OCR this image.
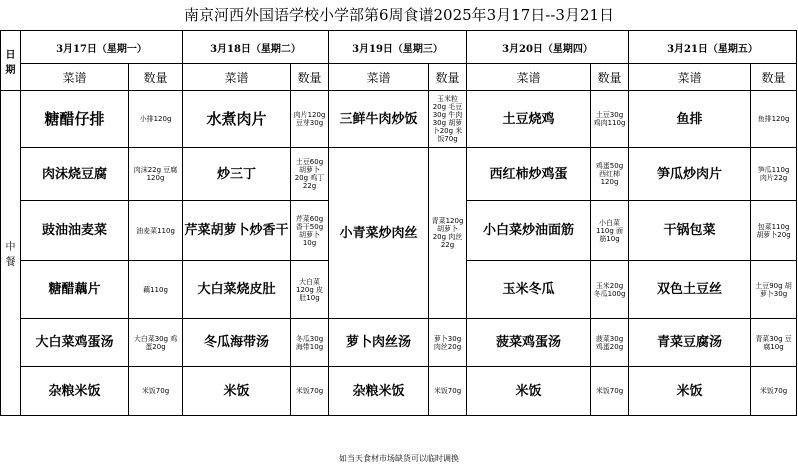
南京河西外国语学校小学部第6周食谱2025年3月17日--3月21日
日期	3月17日（星期一）		3月18日（星期二）		3月19日（星期三）		3月20日（星期四）		3月21日（星期五）	
	菜谱	数量	菜谱	数量	菜谱	数量	菜谱	数量	菜谱	数量
中餐	糖醋仔排	小排120g	水煮肉片	肉片120g 豆芽30g	三鲜牛肉炒饭	玉米粒20g 毛豆30g 牛肉30g 胡萝卜20g 米饭70g	土豆烧鸡	土豆30g 鸡肉110g	鱼排	鱼排120g
	肉沫烧豆腐	肉沫22g 豆腐120g	炒三丁	土豆60g 胡萝卜20g 鸡丁22g	小青菜炒肉丝	青菜120g 胡萝卜20g 肉丝22g	西红柿炒鸡蛋	鸡蛋50g 西红柿120g	笋瓜炒肉片	笋瓜110g 肉片22g
	豉油油麦菜	油麦菜110g	芹菜胡萝卜炒香干	芹菜60g 香干50g 胡萝卜10g			小白菜炒油面筋	小白菜110g 面筋10g	干锅包菜	包菜110g 胡萝卜20g
	糖醋藕片	藕110g	大白菜烧皮肚	大白菜120g 皮肚10g			玉米冬瓜	玉米20g 冬瓜100g	双色土豆丝	土豆90g 胡萝卜30g
	大白菜鸡蛋汤	大白菜30g 鸡蛋20g	冬瓜海带汤	冬瓜30g 海带10g	萝卜肉丝汤	萝卜30g 肉丝20g	菠菜鸡蛋汤	菠菜30g 鸡蛋20g	青菜豆腐汤	青菜30g 豆腐10g
	杂粮米饭	米饭70g	米饭	米饭70g	杂粮米饭	米饭70g	米饭	米饭70g	米饭	米饭70g
如当天食材市场缺货可以临时调换
